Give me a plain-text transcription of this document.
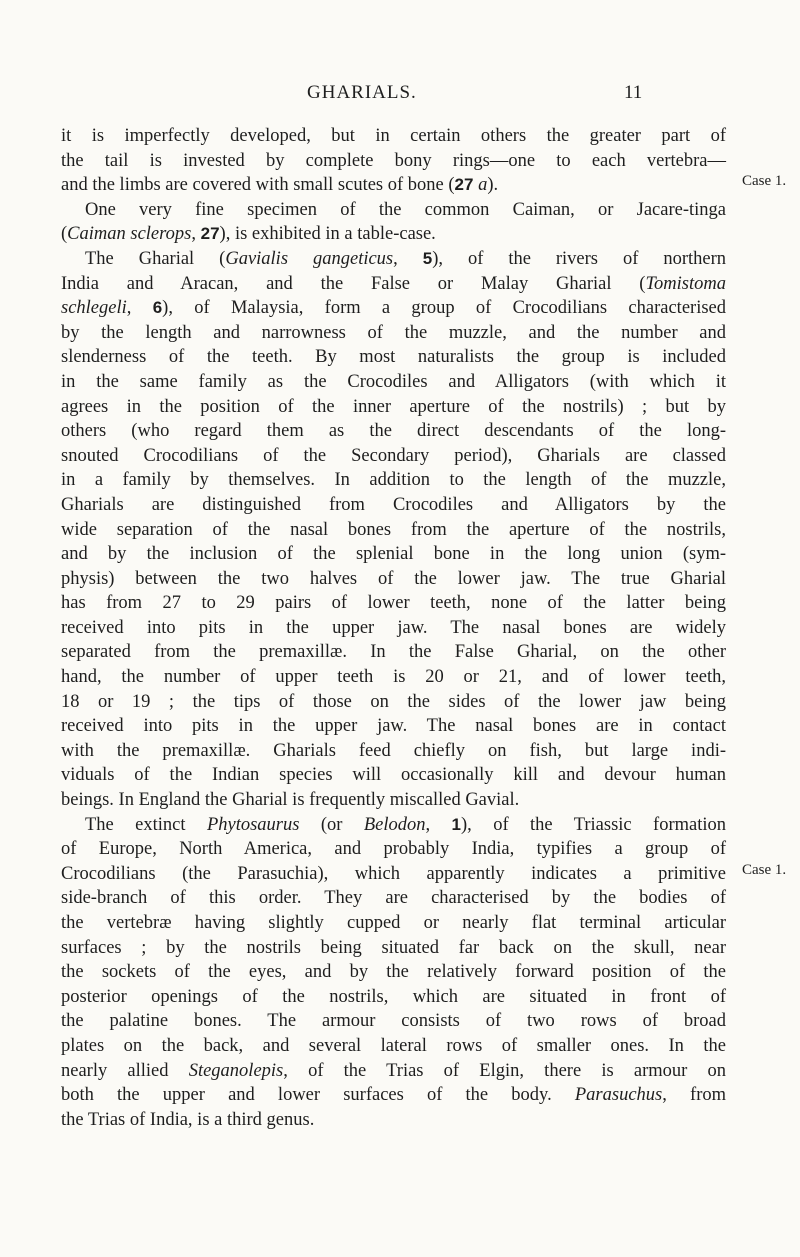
GHARIALS.	11
Case 1.
Case 1.
it is imperfectly developed, but in certain others the greater part of
the tail is invested by complete bony rings—one to each vertebra—
and the limbs are covered with small scutes of bone (27 a).
One very fine specimen of the common Caiman, or Jacare-tinga
(Caiman sclerops, 27), is exhibited in a table-case.
The Gharial (Gavialis gangeticus, 5), of the rivers of northern
India and Aracan, and the False or Malay Gharial (Tomistoma
schlegeli, 6), of Malaysia, form a group of Crocodilians characterised
by the length and narrowness of the muzzle, and the number and
slenderness of the teeth. By most naturalists the group is included
in the same family as the Crocodiles and Alligators (with which it
agrees in the position of the inner aperture of the nostrils) ; but by
others (who regard them as the direct descendants of the long-
snouted Crocodilians of the Secondary period), Gharials are classed
in a family by themselves. In addition to the length of the muzzle,
Gharials are distinguished from Crocodiles and Alligators by the
wide separation of the nasal bones from the aperture of the nostrils,
and by the inclusion of the splenial bone in the long union (sym-
physis) between the two halves of the lower jaw. The true Gharial
has from 27 to 29 pairs of lower teeth, none of the latter being
received into pits in the upper jaw. The nasal bones are widely
separated from the premaxillæ. In the False Gharial, on the other
hand, the number of upper teeth is 20 or 21, and of lower teeth,
18 or 19 ; the tips of those on the sides of the lower jaw being
received into pits in the upper jaw. The nasal bones are in contact
with the premaxillæ. Gharials feed chiefly on fish, but large indi-
viduals of the Indian species will occasionally kill and devour human
beings. In England the Gharial is frequently miscalled Gavial.
The extinct Phytosaurus (or Belodon, 1), of the Triassic formation
of Europe, North America, and probably India, typifies a group of
Crocodilians (the Parasuchia), which apparently indicates a primitive
side-branch of this order. They are characterised by the bodies of
the vertebræ having slightly cupped or nearly flat terminal articular
surfaces ; by the nostrils being situated far back on the skull, near
the sockets of the eyes, and by the relatively forward position of the
posterior openings of the nostrils, which are situated in front of
the palatine bones. The armour consists of two rows of broad
plates on the back, and several lateral rows of smaller ones. In the
nearly allied Steganolepis, of the Trias of Elgin, there is armour on
both the upper and lower surfaces of the body. Parasuchus, from
the Trias of India, is a third genus.
